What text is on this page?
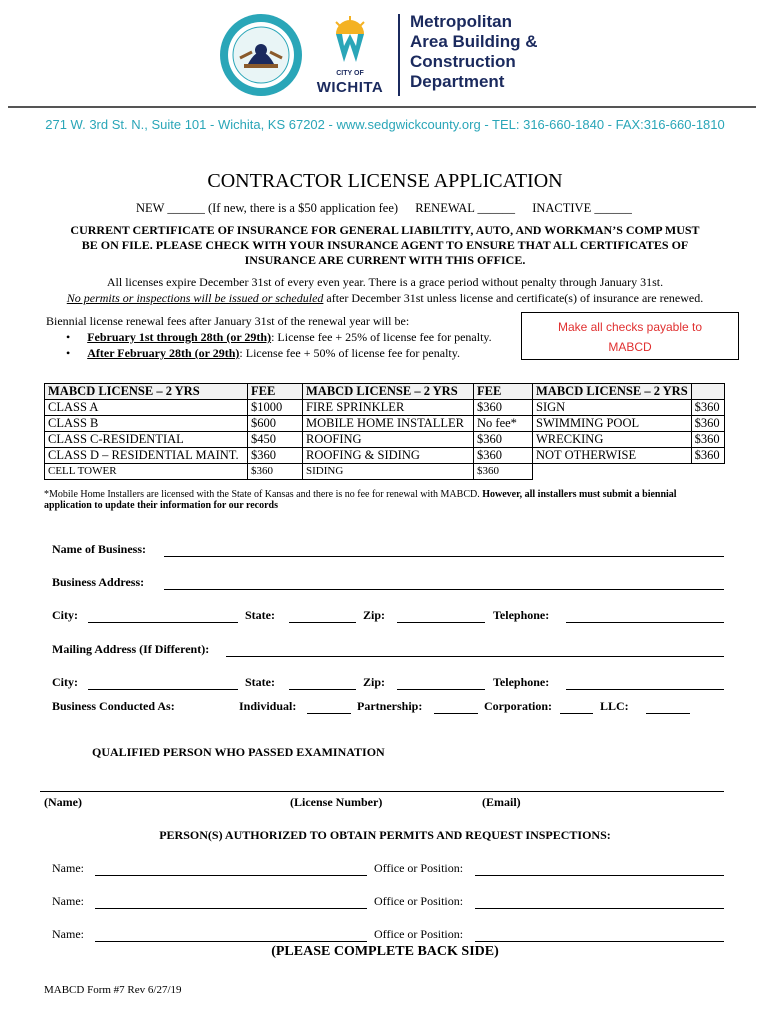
CITY OF
WICHITA
Metropolitan
Area Building &
Construction
Department
271 W. 3rd St. N., Suite 101 - Wichita, KS 67202 - www.sedgwickcounty.org - TEL: 316-660-1840 - FAX:316-660-1810
CONTRACTOR LICENSE APPLICATION
NEW ______ (If new, there is a $50 application fee) RENEWAL ______ INACTIVE ______
CURRENT CERTIFICATE OF INSURANCE FOR GENERAL LIABILTITY, AUTO, AND WORKMAN’S COMP MUST
BE ON FILE. PLEASE CHECK WITH YOUR INSURANCE AGENT TO ENSURE THAT ALL CERTIFICATES OF
INSURANCE ARE CURRENT WITH THIS OFFICE.
All licenses expire December 31st of every even year. There is a grace period without penalty through January 31st.
No permits or inspections will be issued or scheduled after December 31st unless license and certificate(s) of insurance are renewed.
Biennial license renewal fees after January 31st of the renewal year will be:
• February 1st through 28th (or 29th): License fee + 25% of license fee for penalty.
• After February 28th (or 29th): License fee + 50% of license fee for penalty.
Make all checks payable to
MABCD
MABCD LICENSE – 2 YRS	FEE	MABCD LICENSE – 2 YRS	FEE	MABCD LICENSE – 2 YRS	
CLASS A	$1000	FIRE SPRINKLER	$360	SIGN	$360
CLASS B	$600	MOBILE HOME INSTALLER	No fee*	SWIMMING POOL	$360
CLASS C-RESIDENTIAL	$450	ROOFING	$360	WRECKING	$360
CLASS D – RESIDENTIAL MAINT.	$360	ROOFING & SIDING	$360	NOT OTHERWISE	$360
CELL TOWER	$360	SIDING	$360		
*Mobile Home Installers are licensed with the State of Kansas and there is no fee for renewal with MABCD. However, all installers must submit a biennial application to update their information for our records
Name of Business:
Business Address:
City:	State:	Zip:	Telephone:
Mailing Address (If Different):
City:	State:	Zip:	Telephone:
Business Conducted As:	Individual:	Partnership:	Corporation:	LLC:
QUALIFIED PERSON WHO PASSED EXAMINATION
(Name)	(License Number)	(Email)
PERSON(S) AUTHORIZED TO OBTAIN PERMITS AND REQUEST INSPECTIONS:
Name:	Office or Position:
Name:	Office or Position:
Name:	Office or Position:
(PLEASE COMPLETE BACK SIDE)
MABCD Form #7 Rev 6/27/19
